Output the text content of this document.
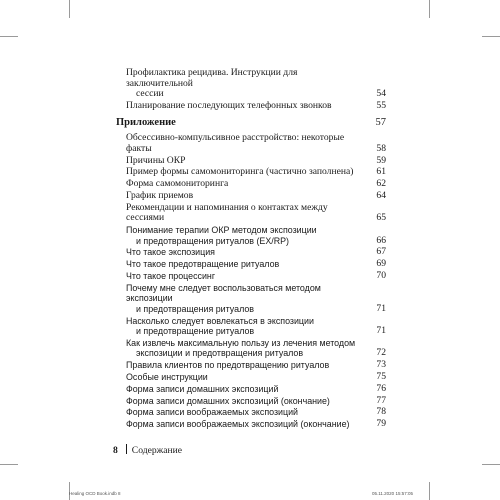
Профилактика рецидива. Инструкции для заключительной
сессии	54
Планирование последующих телефонных звонков	55
Приложение	57
Обсессивно-компульсивное расстройство: некоторые факты	58
Причины ОКР	59
Пример формы самомониторинга (частично заполнена)	61
Форма самомониторинга	62
График приемов	64
Рекомендации и напоминания о контактах между сессиями	65
Понимание терапии ОКР методом экспозиции
и предотвращения ритуалов (EX/RP)	66
Что такое экспозиция	67
Что такое предотвращение ритуалов	69
Что такое процессинг	70
Почему мне следует воспользоваться методом экспозиции
и предотвращения ритуалов	71
Насколько следует вовлекаться в экспозиции
и предотвращение ритуалов	71
Как извлечь максимальную пользу из лечения методом
экспозиции и предотвращения ритуалов	72
Правила клиентов по предотвращению ритуалов	73
Особые инструкции	75
Форма записи домашних экспозиций	76
Форма записи домашних экспозиций (окончание)	77
Форма записи воображаемых экспозиций	78
Форма записи воображаемых экспозиций (окончание)	79
8 Содержание
Healing OCD Book.indb 8	05.11.2020 15:57:05
